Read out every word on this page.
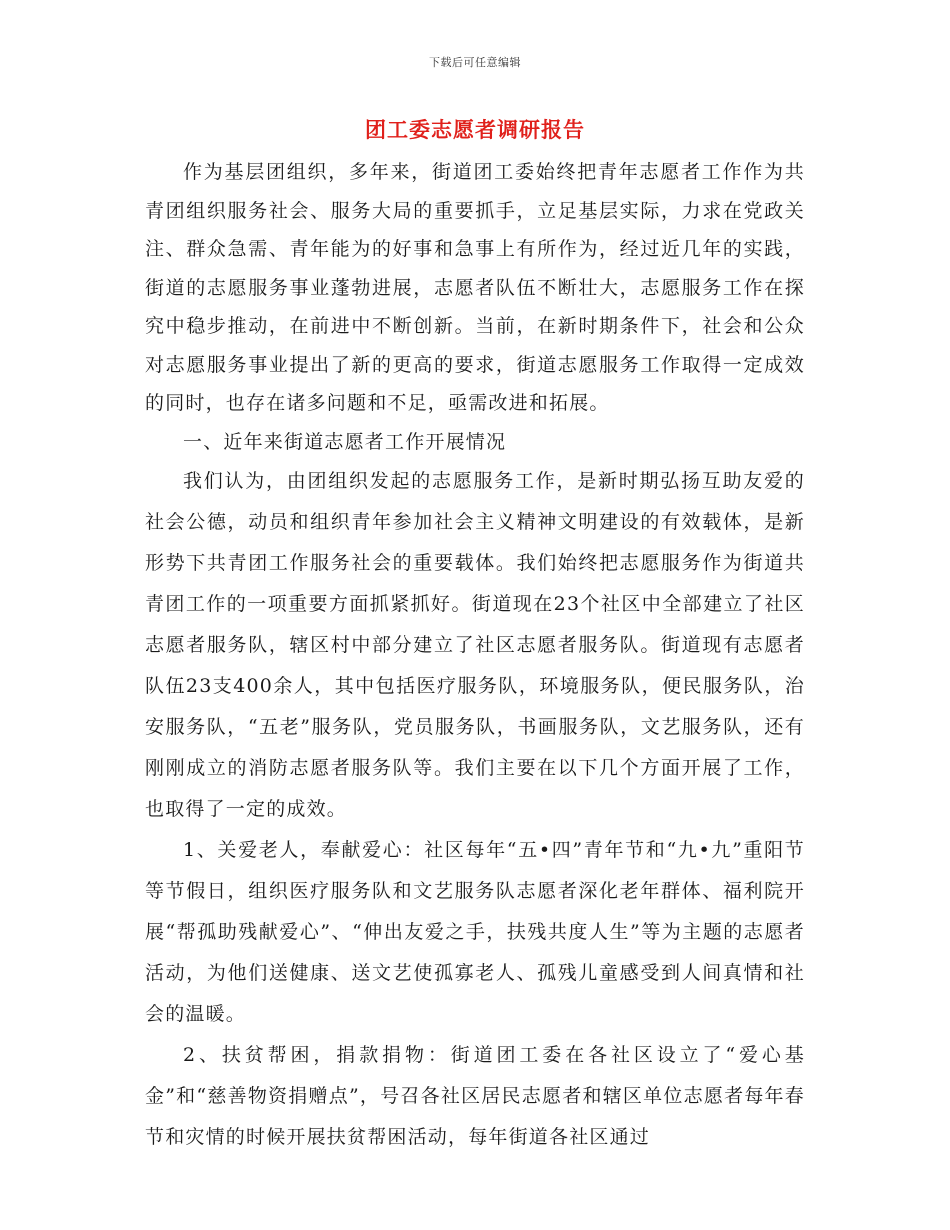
下载后可任意编辑
团工委志愿者调研报告

作为基层团组织，多年来，街道团工委始终把青年志愿者工作作为共青团组织服务社会、服务大局的重要抓手，立足基层实际，力求在党政关注、群众急需、青年能为的好事和急事上有所作为，经过近几年的实践，街道的志愿服务事业蓬勃进展，志愿者队伍不断壮大，志愿服务工作在探究中稳步推动，在前进中不断创新。当前，在新时期条件下，社会和公众对志愿服务事业提出了新的更高的要求，街道志愿服务工作取得一定成效的同时，也存在诸多问题和不足，亟需改进和拓展。

一、近年来街道志愿者工作开展情况

我们认为，由团组织发起的志愿服务工作，是新时期弘扬互助友爱的社会公德，动员和组织青年参加社会主义精神文明建设的有效载体，是新形势下共青团工作服务社会的重要载体。我们始终把志愿服务作为街道共青团工作的一项重要方面抓紧抓好。街道现在23个社区中全部建立了社区志愿者服务队，辖区村中部分建立了社区志愿者服务队。街道现有志愿者队伍23支400余人，其中包括医疗服务队，环境服务队，便民服务队，治安服务队，“五老”服务队，党员服务队，书画服务队，文艺服务队，还有刚刚成立的消防志愿者服务队等。我们主要在以下几个方面开展了工作，也取得了一定的成效。

1、关爱老人，奉献爱心：社区每年“五•四”青年节和“九•九”重阳节等节假日，组织医疗服务队和文艺服务队志愿者深化老年群体、福利院开展“帮孤助残献爱心”、“伸出友爱之手，扶残共度人生”等为主题的志愿者活动，为他们送健康、送文艺使孤寡老人、孤残儿童感受到人间真情和社会的温暖。

2、扶贫帮困，捐款捐物：街道团工委在各社区设立了“爱心基金”和“慈善物资捐赠点”，号召各社区居民志愿者和辖区单位志愿者每年春节和灾情的时候开展扶贫帮困活动，每年街道各社区通过
